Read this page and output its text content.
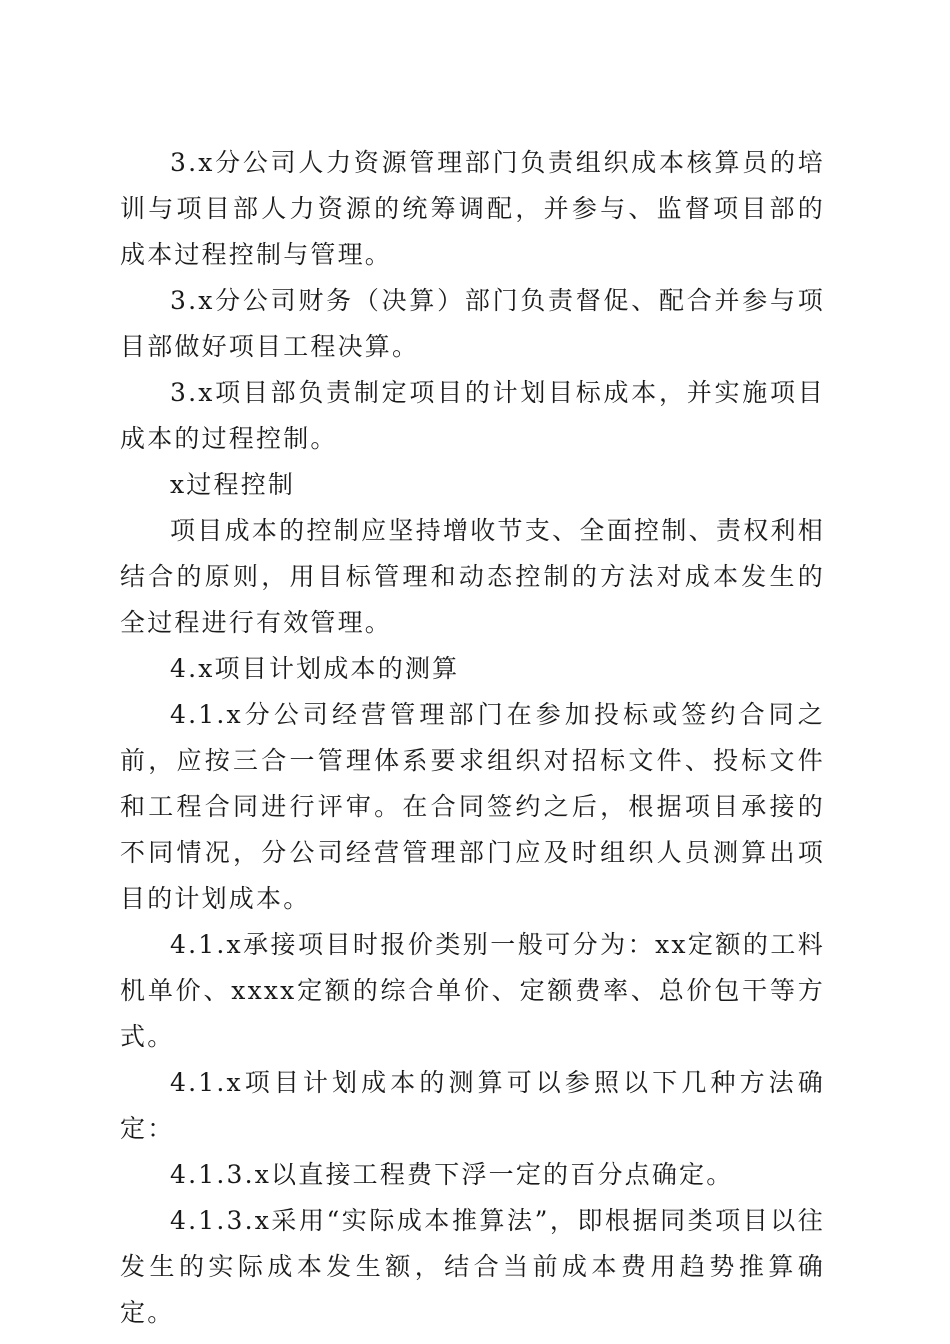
3.x分公司人力资源管理部门负责组织成本核算员的培训与项目部人力资源的统筹调配，并参与、监督项目部的成本过程控制与管理。

3.x分公司财务（决算）部门负责督促、配合并参与项目部做好项目工程决算。

3.x项目部负责制定项目的计划目标成本，并实施项目成本的过程控制。

x过程控制

项目成本的控制应坚持增收节支、全面控制、责权利相结合的原则，用目标管理和动态控制的方法对成本发生的全过程进行有效管理。

4.x项目计划成本的测算

4.1.x分公司经营管理部门在参加投标或签约合同之前，应按三合一管理体系要求组织对招标文件、投标文件和工程合同进行评审。在合同签约之后，根据项目承接的不同情况，分公司经营管理部门应及时组织人员测算出项目的计划成本。

4.1.x承接项目时报价类别一般可分为：xx定额的工料机单价、xxxx定额的综合单价、定额费率、总价包干等方式。

4.1.x项目计划成本的测算可以参照以下几种方法确定：

4.1.3.x以直接工程费下浮一定的百分点确定。

4.1.3.x采用“实际成本推算法”，即根据同类项目以往发生的实际成本发生额，结合当前成本费用趋势推算确定。
